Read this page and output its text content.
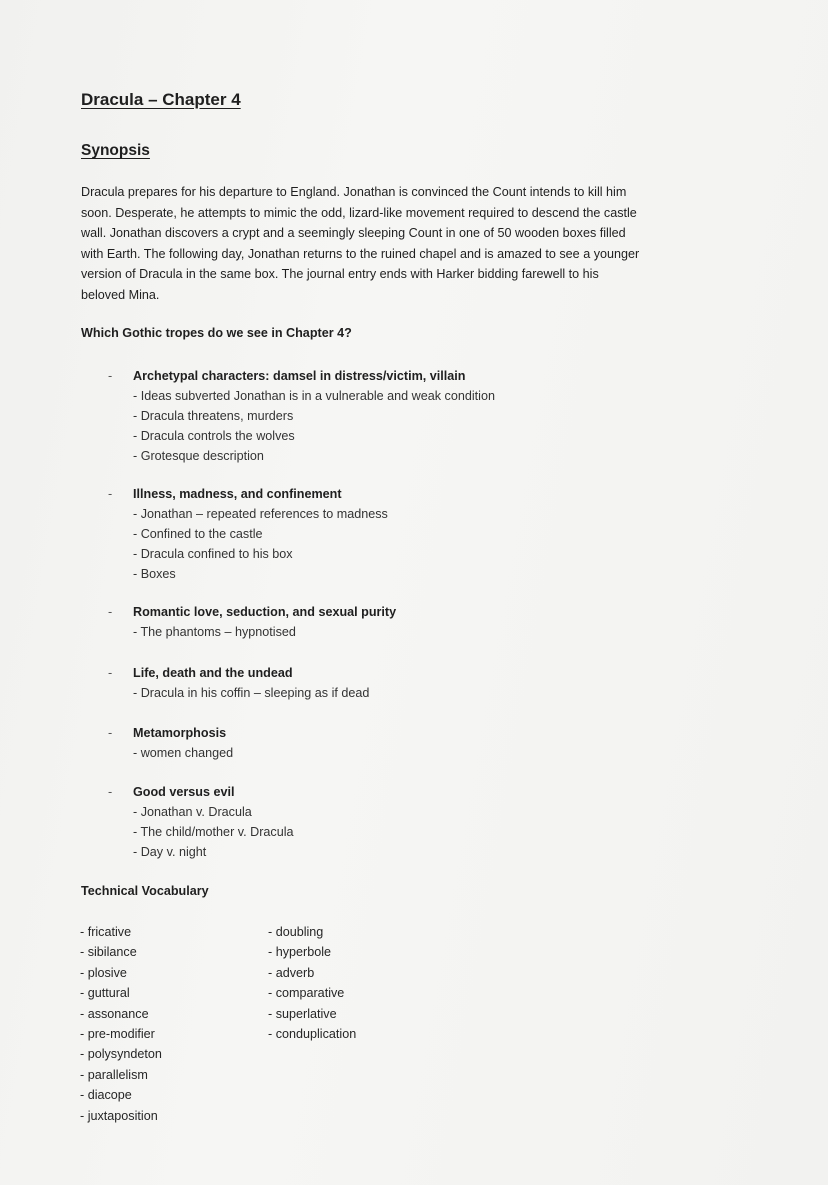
Dracula – Chapter 4
Synopsis
Dracula prepares for his departure to England. Jonathan is convinced the Count intends to kill him
soon. Desperate, he attempts to mimic the odd, lizard-like movement required to descend the castle
wall. Jonathan discovers a crypt and a seemingly sleeping Count in one of 50 wooden boxes filled
with Earth. The following day, Jonathan returns to the ruined chapel and is amazed to see a younger
version of Dracula in the same box. The journal entry ends with Harker bidding farewell to his
beloved Mina.
Which Gothic tropes do we see in Chapter 4?
- Archetypal characters: damsel in distress/victim, villain
- Ideas subverted Jonathan is in a vulnerable and weak condition
- Dracula threatens, murders
- Dracula controls the wolves
- Grotesque description
- Illness, madness, and confinement
- Jonathan – repeated references to madness
- Confined to the castle
- Dracula confined to his box
- Boxes
- Romantic love, seduction, and sexual purity
- The phantoms – hypnotised
- Life, death and the undead
- Dracula in his coffin – sleeping as if dead
- Metamorphosis
- women changed
- Good versus evil
- Jonathan v. Dracula
- The child/mother v. Dracula
- Day v. night
Technical Vocabulary
- fricative
- sibilance
- plosive
- guttural
- assonance
- pre-modifier
- polysyndeton
- parallelism
- diacope
- juxtaposition
- doubling
- hyperbole
- adverb
- comparative
- superlative
- conduplication
